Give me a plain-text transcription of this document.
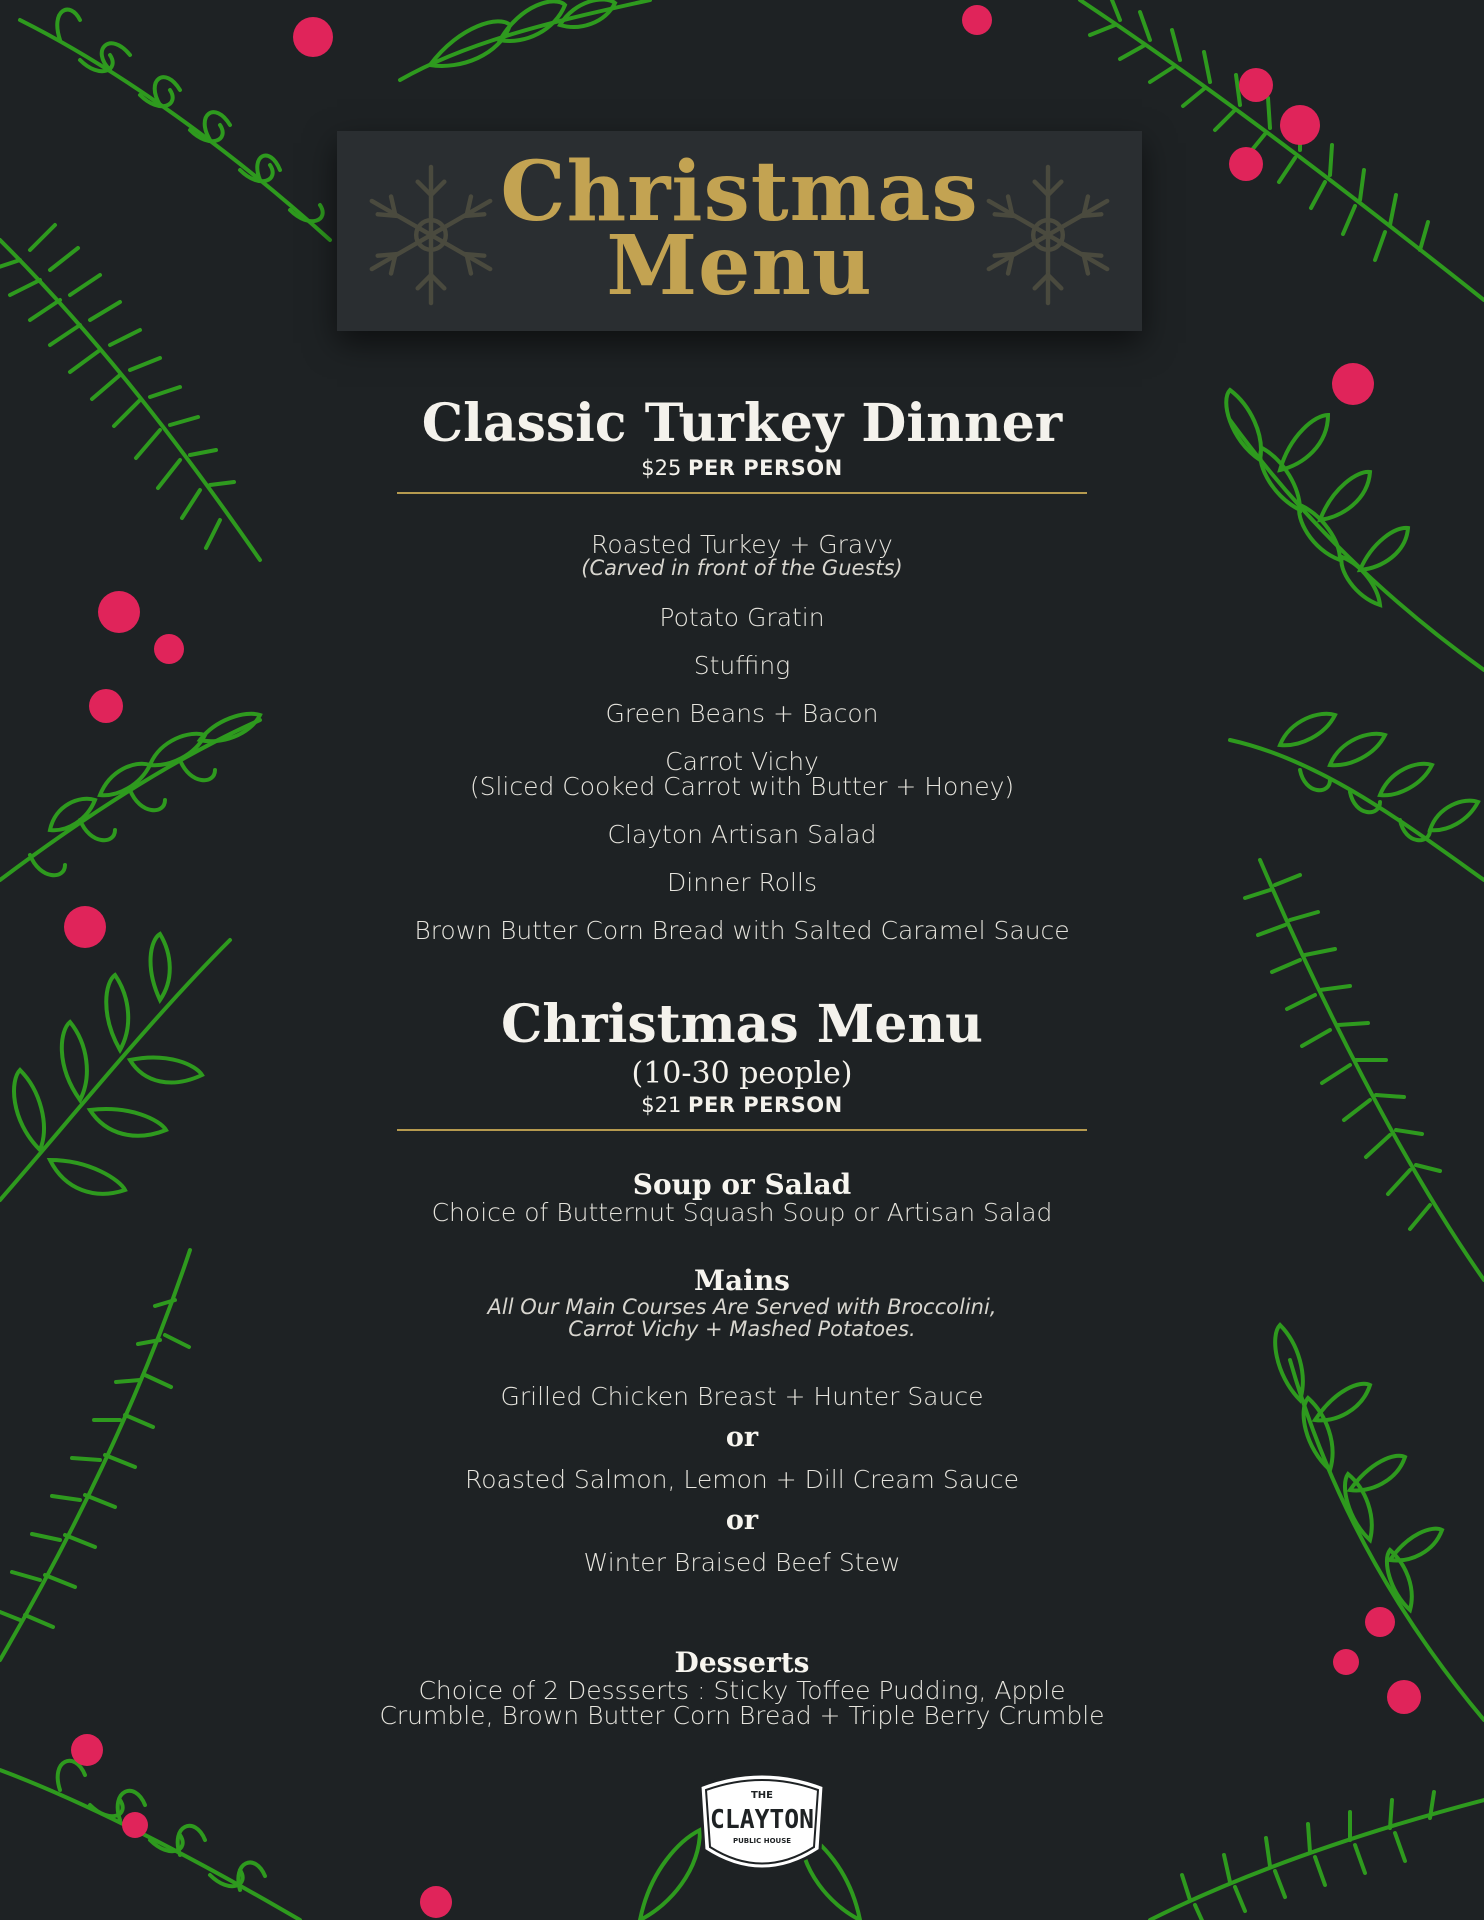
Christmas
Menu
Classic Turkey Dinner
$25 PER PERSON

Roasted Turkey + Gravy

(Carved in front of the Guests)

Potato Gratin

Stuffing

Green Beans + Bacon

Carrot Vichy

(Sliced Cooked Carrot with Butter + Honey)

Clayton Artisan Salad

Dinner Rolls

Brown Butter Corn Bread with Salted Caramel Sauce

Christmas Menu
(10-30 people)
$21 PER PERSON
Soup or Salad

Choice of Butternut Squash Soup or Artisan Salad

Mains
All Our Main Courses Are Served with Broccolini,
Carrot Vichy + Mashed Potatoes.

Grilled Chicken Breast + Hunter Sauce

or

Roasted Salmon, Lemon + Dill Cream Sauce

or

Winter Braised Beef Stew

Desserts

Choice of 2 Dessserts : Sticky Toffee Pudding, Apple

Crumble, Brown Butter Corn Bread + Triple Berry Crumble

THE
CLAYTON
PUBLIC HOUSE
